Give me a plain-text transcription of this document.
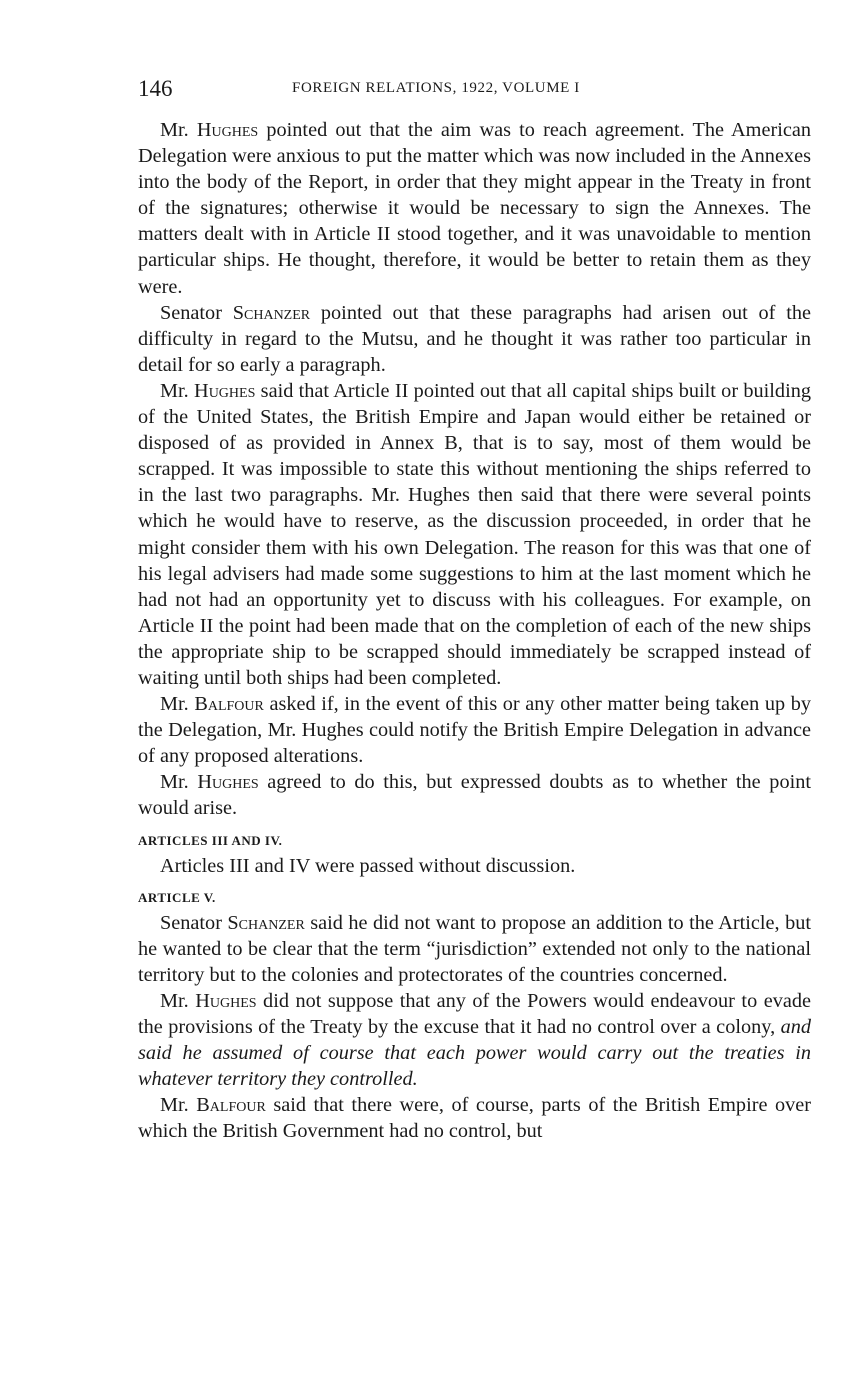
146	FOREIGN RELATIONS, 1922, VOLUME I

Mr. Hughes pointed out that the aim was to reach agreement. The American Delegation were anxious to put the matter which was now included in the Annexes into the body of the Report, in order that they might appear in the Treaty in front of the signatures; otherwise it would be necessary to sign the Annexes. The matters dealt with in Article II stood together, and it was unavoidable to mention particular ships. He thought, therefore, it would be better to retain them as they were.

Senator Schanzer pointed out that these paragraphs had arisen out of the difficulty in regard to the Mutsu, and he thought it was rather too particular in detail for so early a paragraph.

Mr. Hughes said that Article II pointed out that all capital ships built or building of the United States, the British Empire and Japan would either be retained or disposed of as provided in Annex B, that is to say, most of them would be scrapped. It was impossible to state this without mentioning the ships referred to in the last two paragraphs. Mr. Hughes then said that there were several points which he would have to reserve, as the discussion proceeded, in order that he might consider them with his own Delegation. The reason for this was that one of his legal advisers had made some suggestions to him at the last moment which he had not had an opportunity yet to discuss with his colleagues. For example, on Article II the point had been made that on the completion of each of the new ships the appropriate ship to be scrapped should immediately be scrapped instead of waiting until both ships had been completed.

Mr. Balfour asked if, in the event of this or any other matter being taken up by the Delegation, Mr. Hughes could notify the British Empire Delegation in advance of any proposed alterations.

Mr. Hughes agreed to do this, but expressed doubts as to whether the point would arise.

ARTICLES III AND IV.

Articles III and IV were passed without discussion.

ARTICLE V.

Senator Schanzer said he did not want to propose an addition to the Article, but he wanted to be clear that the term “jurisdiction” extended not only to the national territory but to the colonies and protectorates of the countries concerned.

Mr. Hughes did not suppose that any of the Powers would endeavour to evade the provisions of the Treaty by the excuse that it had no control over a colony, and said he assumed of course that each power would carry out the treaties in whatever territory they controlled.

Mr. Balfour said that there were, of course, parts of the British Empire over which the British Government had no control, but
